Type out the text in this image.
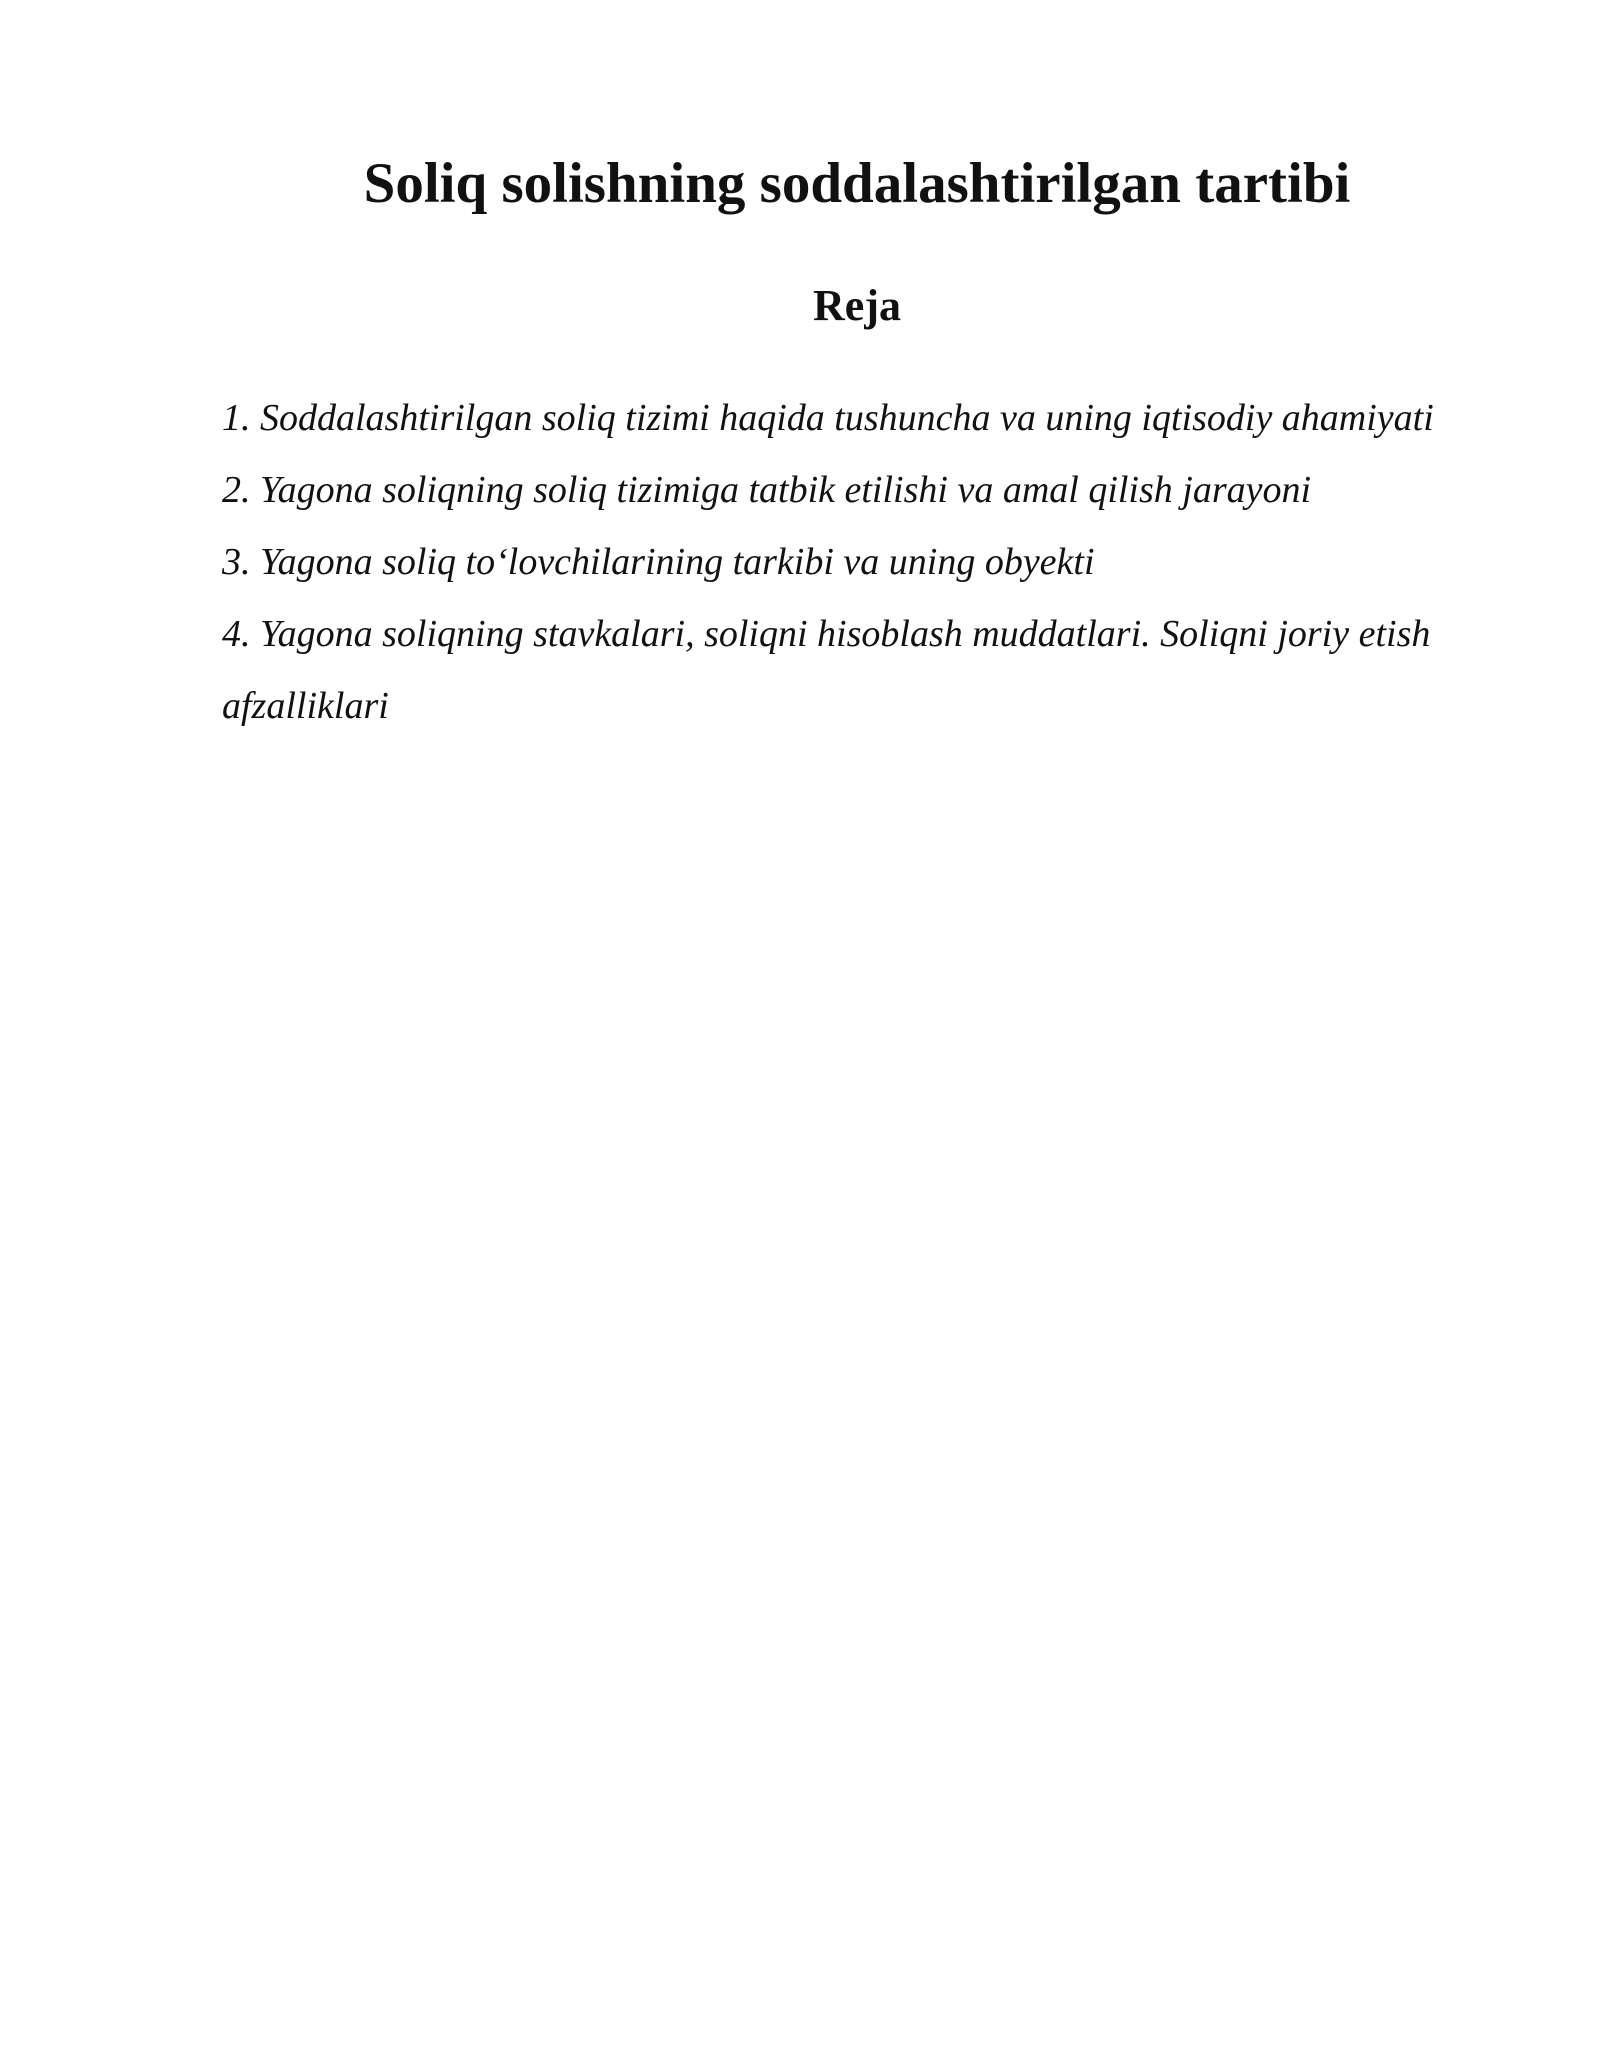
Soliq solishning soddalashtirilgan tartibi
Reja
1. Soddalashtirilgan soliq tizimi haqida tushuncha va uning iqtisodiy ahamiyati
2. Yagona soliqning soliq tizimiga tatbik etilishi va amal qilish jarayoni
3. Yagona soliq to‘lovchilarining tarkibi va uning obyekti
4. Yagona soliqning stavkalari, soliqni hisoblash muddatlari. Soliqni joriy etish afzalliklari
